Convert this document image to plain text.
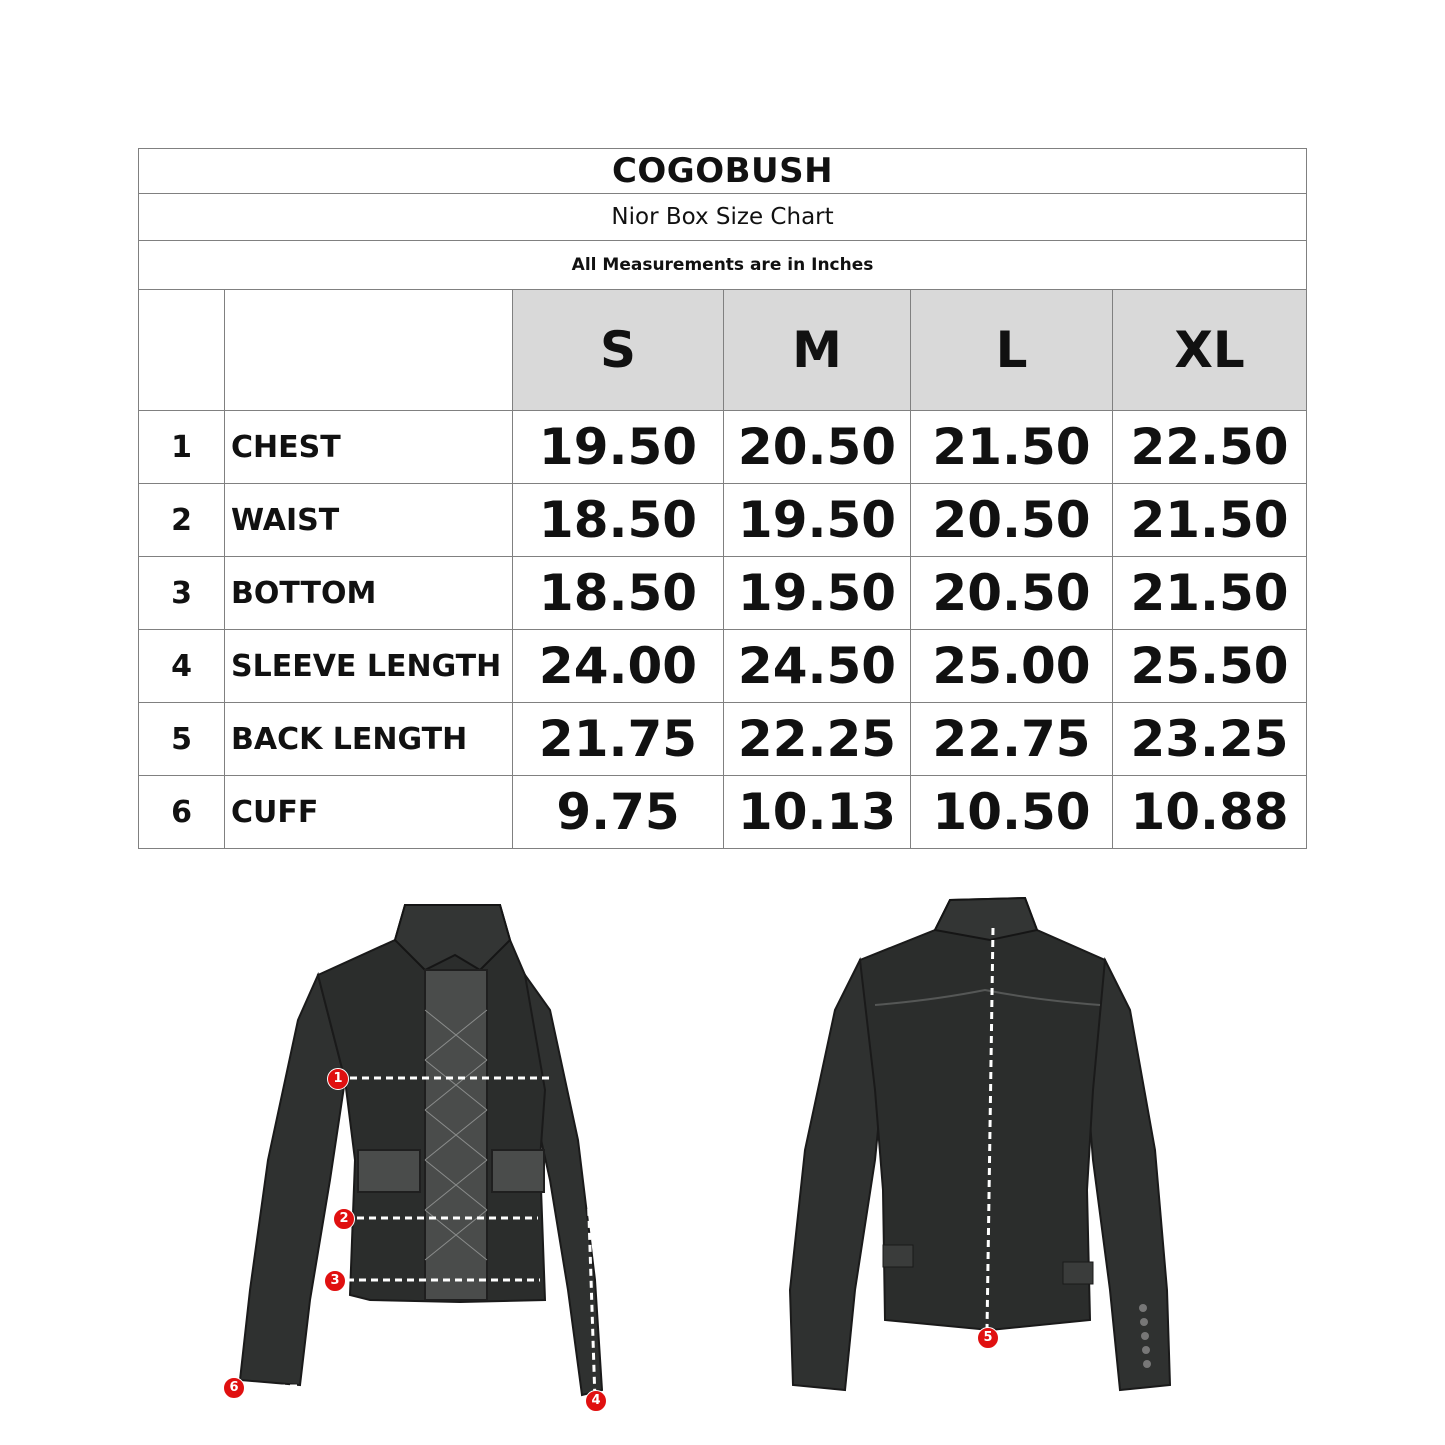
COGOBUSH					
Nior Box Size Chart					
All Measurements are in Inches					
		S	M	L	XL
1	CHEST	19.50	20.50	21.50	22.50
2	WAIST	18.50	19.50	20.50	21.50
3	BOTTOM	18.50	19.50	20.50	21.50
4	SLEEVE LENGTH	24.00	24.50	25.00	25.50
5	BACK LENGTH	21.75	22.25	22.75	23.25
6	CUFF	9.75	10.13	10.50	10.88
1
2
3
4
6
5
